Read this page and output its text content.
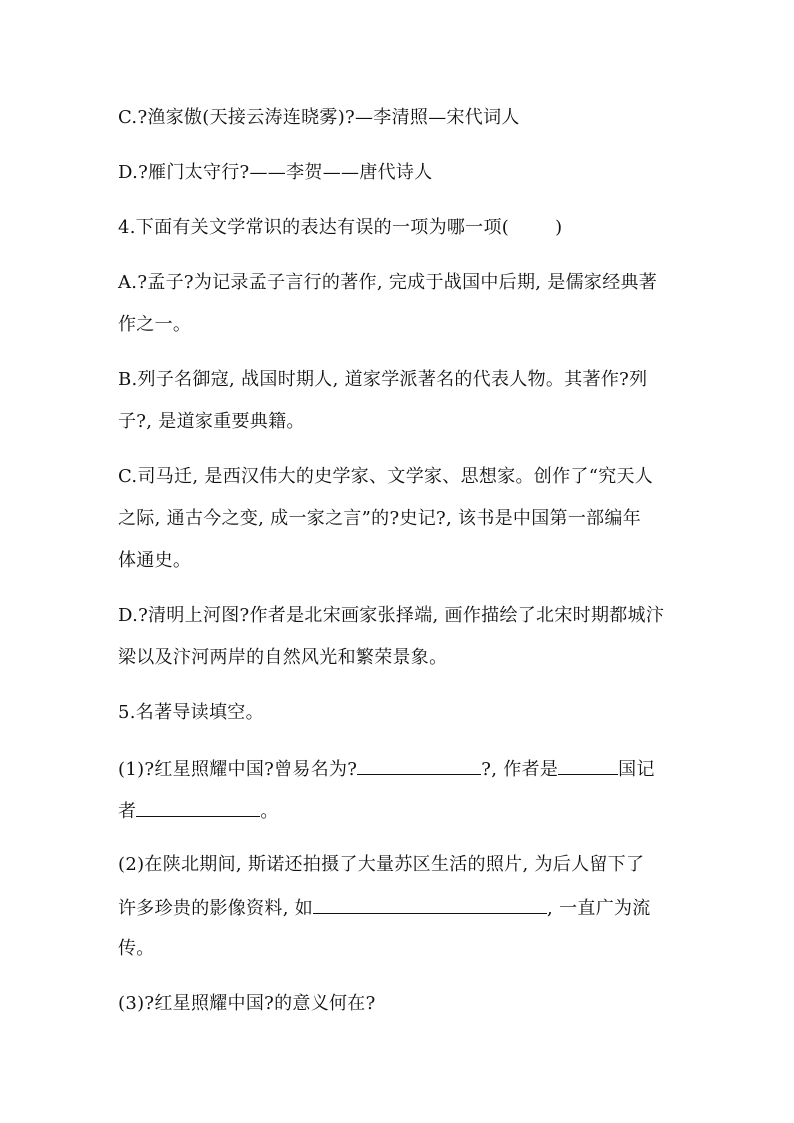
C.?渔家傲(天接云涛连晓雾)?—李清照—宋代词人
D.?雁门太守行?——李贺——唐代诗人
4.下面有关文学常识的表达有误的一项为哪一项(	)
A.?孟子?为记录孟子言行的著作, 完成于战国中后期, 是儒家经典著
作之一。
B.列子名御寇, 战国时期人, 道家学派著名的代表人物。其著作?列
子?, 是道家重要典籍。
C.司马迁, 是西汉伟大的史学家、文学家、思想家。创作了“究天人
之际, 通古今之变, 成一家之言”的?史记?, 该书是中国第一部编年
体通史。
D.?清明上河图?作者是北宋画家张择端, 画作描绘了北宋时期都城汴
梁以及汴河两岸的自然风光和繁荣景象。
5.名著导读填空。
(1)?红星照耀中国?曾易名为?	?, 作者是	国记
者	。
(2)在陕北期间, 斯诺还拍摄了大量苏区生活的照片, 为后人留下了
许多珍贵的影像资料, 如	, 一直广为流
传。
(3)?红星照耀中国?的意义何在?
